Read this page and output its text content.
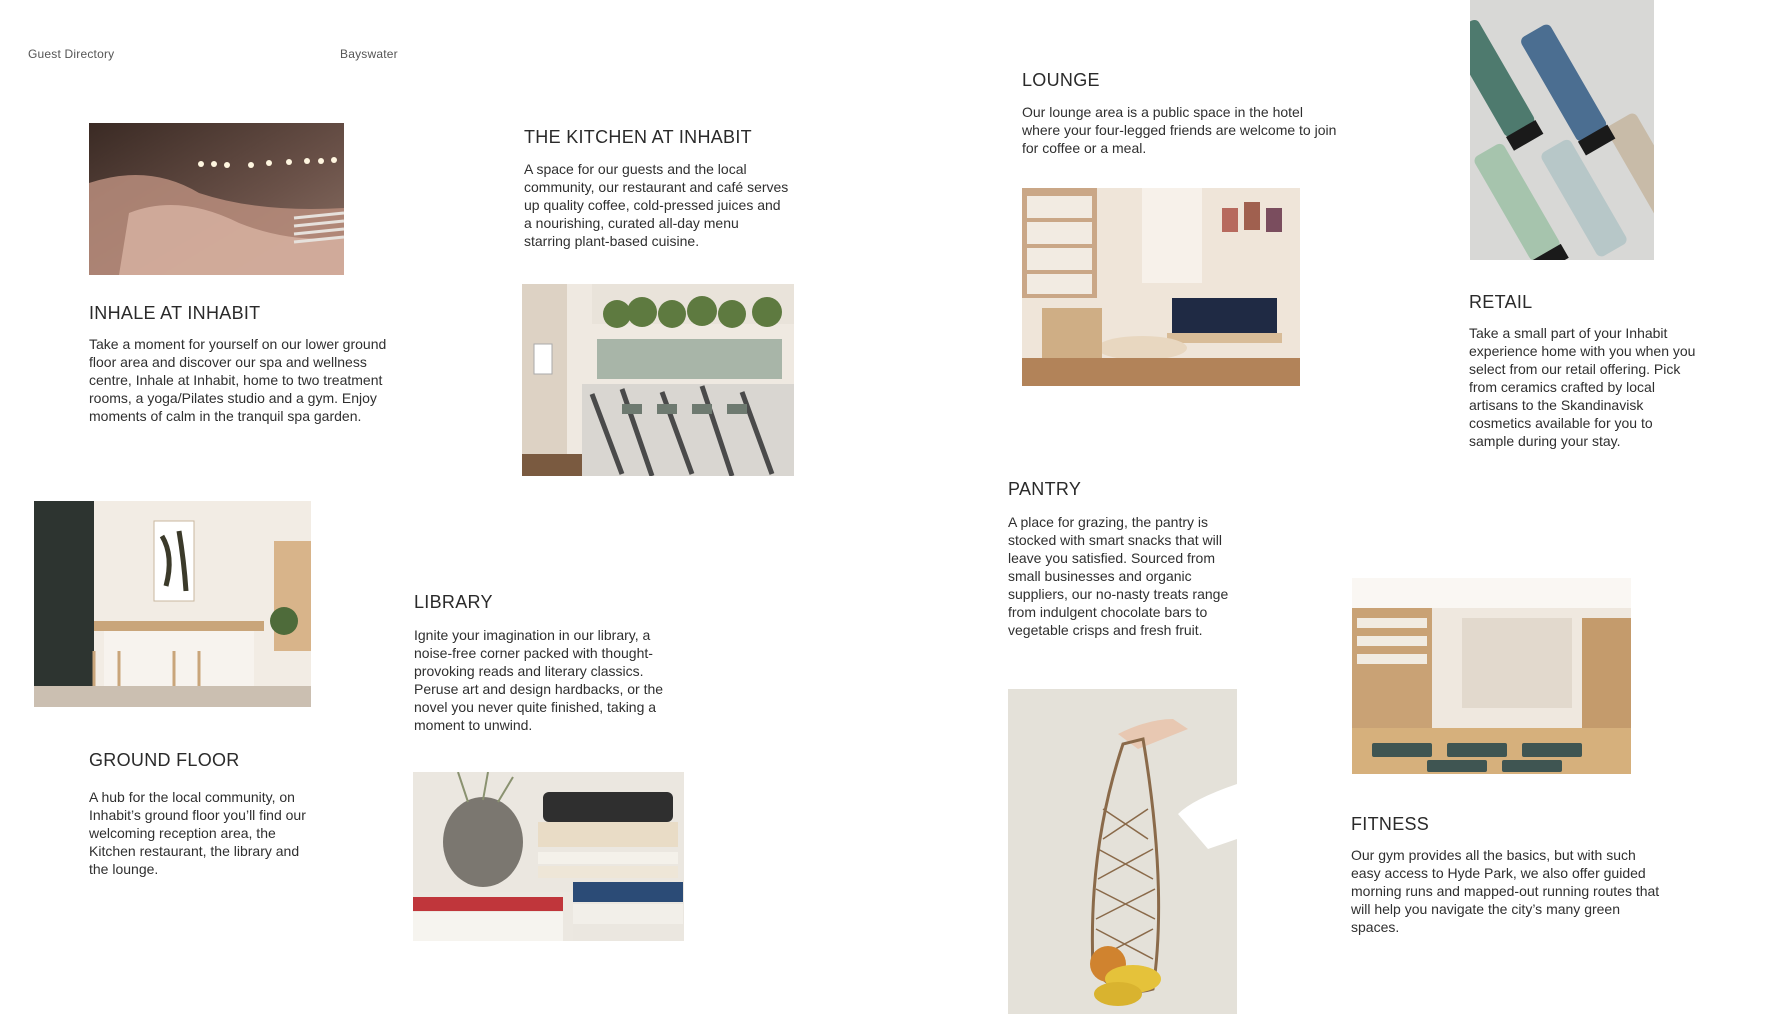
Guest Directory	Bayswater
INHALE AT INHABIT

Take a moment for yourself on our lower ground floor area and discover our spa and wellness centre, Inhale at Inhabit, home to two treatment rooms, a yoga/Pilates studio and a gym. Enjoy moments of calm in the tranquil spa garden.

GROUND FLOOR

A hub for the local community, on Inhabit’s ground floor you’ll find our welcoming reception area, the Kitchen restaurant, the library and the lounge.

THE KITCHEN AT INHABIT

A space for our guests and the local community, our restaurant and café serves up quality coffee, cold-pressed juices and a nourishing, curated all-day menu starring plant-based cuisine.

LIBRARY

Ignite your imagination in our library, a noise-free corner packed with thought-provoking reads and literary classics. Peruse art and design hardbacks, or the novel you never quite finished, taking a moment to unwind.

LOUNGE

Our lounge area is a public space in the hotel where your four-legged friends are welcome to join for coffee or a meal.

PANTRY

A place for grazing, the pantry is stocked with smart snacks that will leave you satisfied. Sourced from small businesses and organic suppliers, our no-nasty treats range from indulgent chocolate bars to vegetable crisps and fresh fruit.

RETAIL

Take a small part of your Inhabit experience home with you when you select from our retail offering. Pick from ceramics crafted by local artisans to the Skandinavisk cosmetics available for you to sample during your stay.

FITNESS

Our gym provides all the basics, but with such easy access to Hyde Park, we also offer guided morning runs and mapped-out running routes that will help you navigate the city’s many green spaces.
